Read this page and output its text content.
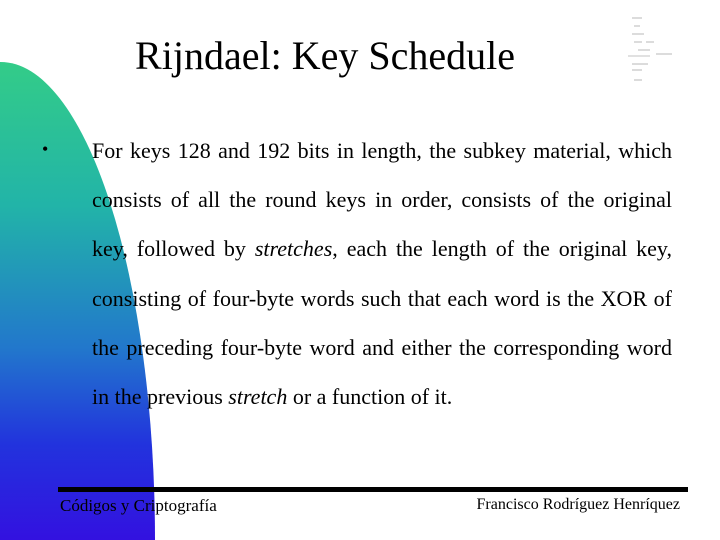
Rijndael: Key Schedule
• For keys 128 and 192 bits in length, the subkey material, which consists of all the round keys in order, consists of the original key, followed by stretches, each the length of the original key, consisting of four-byte words such that each word is the XOR of the preceding four-byte word and either the corresponding word in the previous stretch or a function of it.
Códigos y Criptografía	Francisco Rodríguez Henríquez
